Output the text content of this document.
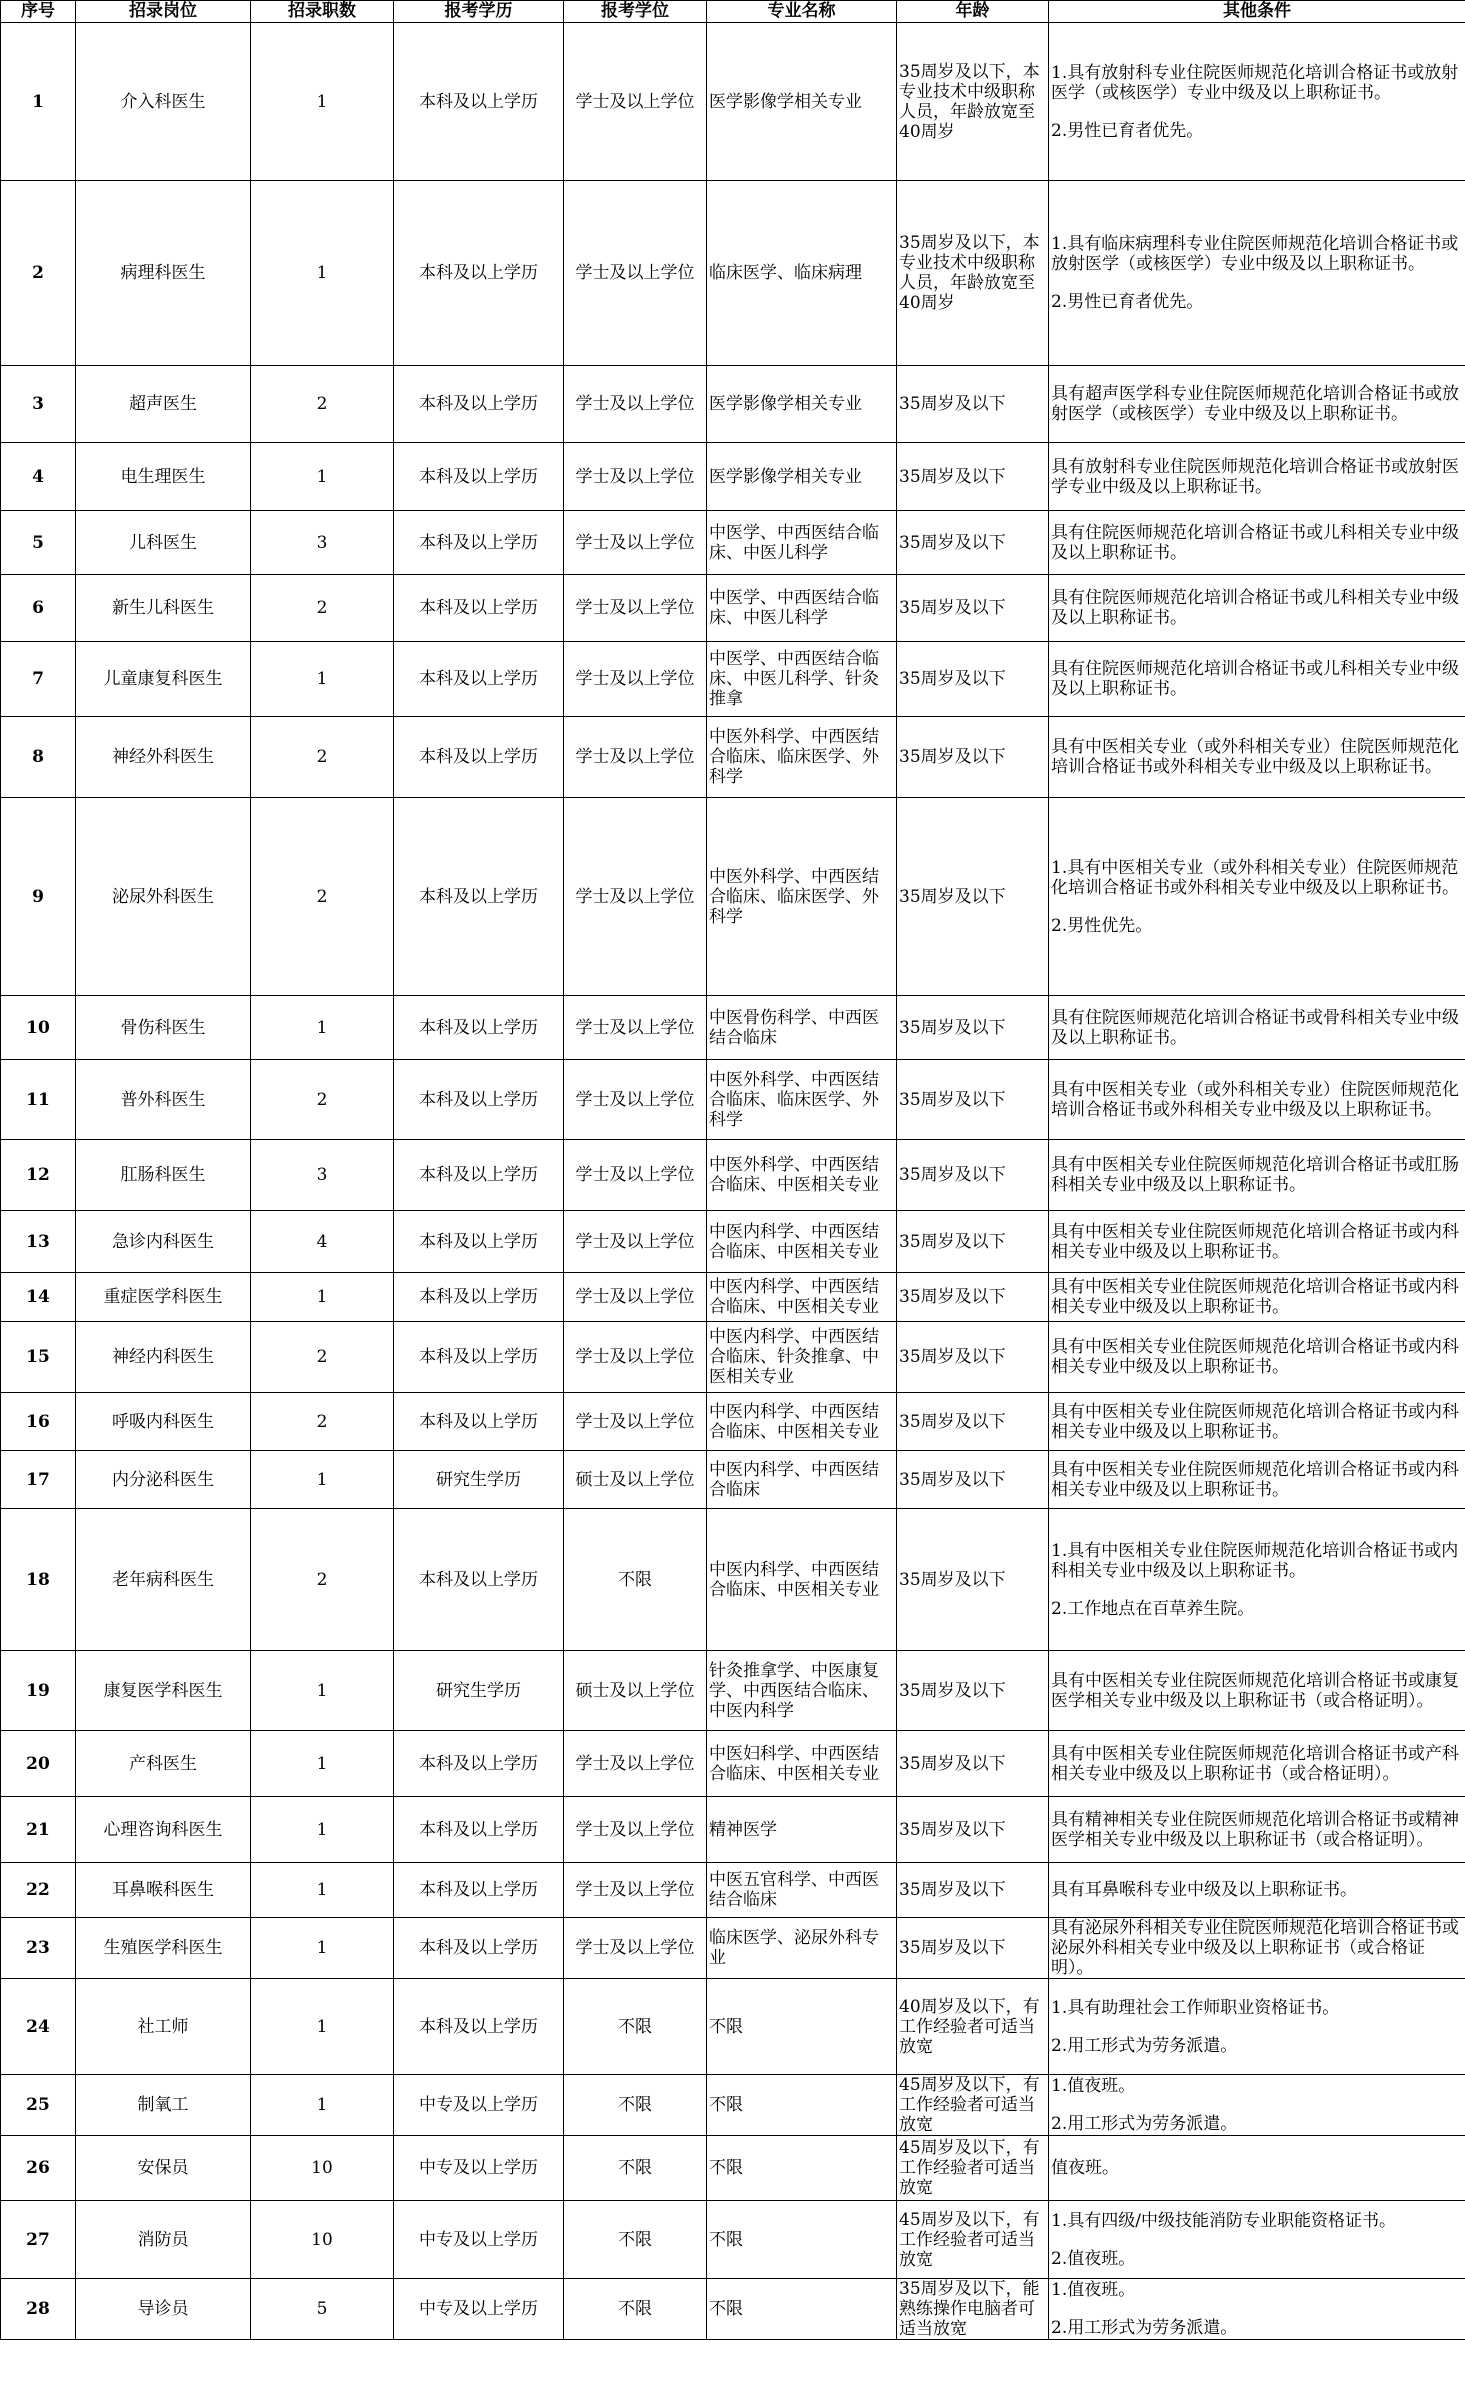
序号	招录岗位	招录职数	报考学历	报考学位	专业名称	年龄	其他条件
1	介入科医生	1	本科及以上学历	学士及以上学位	医学影像学相关专业	35周岁及以下，本专业技术中级职称人员，年龄放宽至40周岁	1.具有放射科专业住院医师规范化培训合格证书或放射医学（或核医学）专业中级及以上职称证书。
2.男性已育者优先。

2	病理科医生	1	本科及以上学历	学士及以上学位	临床医学、临床病理	35周岁及以下，本专业技术中级职称人员，年龄放宽至40周岁	1.具有临床病理科专业住院医师规范化培训合格证书或放射医学（或核医学）专业中级及以上职称证书。
2.男性已育者优先。

3	超声医生	2	本科及以上学历	学士及以上学位	医学影像学相关专业	35周岁及以下	具有超声医学科专业住院医师规范化培训合格证书或放射医学（或核医学）专业中级及以上职称证书。

4	电生理医生	1	本科及以上学历	学士及以上学位	医学影像学相关专业	35周岁及以下	具有放射科专业住院医师规范化培训合格证书或放射医学专业中级及以上职称证书。

5	儿科医生	3	本科及以上学历	学士及以上学位	中医学、中西医结合临床、中医儿科学	35周岁及以下	具有住院医师规范化培训合格证书或儿科相关专业中级及以上职称证书。

6	新生儿科医生	2	本科及以上学历	学士及以上学位	中医学、中西医结合临床、中医儿科学	35周岁及以下	具有住院医师规范化培训合格证书或儿科相关专业中级及以上职称证书。

7	儿童康复科医生	1	本科及以上学历	学士及以上学位	中医学、中西医结合临床、中医儿科学、针灸推拿	35周岁及以下	具有住院医师规范化培训合格证书或儿科相关专业中级及以上职称证书。

8	神经外科医生	2	本科及以上学历	学士及以上学位	中医外科学、中西医结合临床、临床医学、外科学	35周岁及以下	具有中医相关专业（或外科相关专业）住院医师规范化培训合格证书或外科相关专业中级及以上职称证书。

9	泌尿外科医生	2	本科及以上学历	学士及以上学位	中医外科学、中西医结合临床、临床医学、外科学	35周岁及以下	1.具有中医相关专业（或外科相关专业）住院医师规范化培训合格证书或外科相关专业中级及以上职称证书。
2.男性优先。

10	骨伤科医生	1	本科及以上学历	学士及以上学位	中医骨伤科学、中西医结合临床	35周岁及以下	具有住院医师规范化培训合格证书或骨科相关专业中级及以上职称证书。

11	普外科医生	2	本科及以上学历	学士及以上学位	中医外科学、中西医结合临床、临床医学、外科学	35周岁及以下	具有中医相关专业（或外科相关专业）住院医师规范化培训合格证书或外科相关专业中级及以上职称证书。

12	肛肠科医生	3	本科及以上学历	学士及以上学位	中医外科学、中西医结合临床、中医相关专业	35周岁及以下	具有中医相关专业住院医师规范化培训合格证书或肛肠科相关专业中级及以上职称证书。

13	急诊内科医生	4	本科及以上学历	学士及以上学位	中医内科学、中西医结合临床、中医相关专业	35周岁及以下	具有中医相关专业住院医师规范化培训合格证书或内科相关专业中级及以上职称证书。

14	重症医学科医生	1	本科及以上学历	学士及以上学位	中医内科学、中西医结合临床、中医相关专业	35周岁及以下	具有中医相关专业住院医师规范化培训合格证书或内科相关专业中级及以上职称证书。

15	神经内科医生	2	本科及以上学历	学士及以上学位	中医内科学、中西医结合临床、针灸推拿、中医相关专业	35周岁及以下	具有中医相关专业住院医师规范化培训合格证书或内科相关专业中级及以上职称证书。

16	呼吸内科医生	2	本科及以上学历	学士及以上学位	中医内科学、中西医结合临床、中医相关专业	35周岁及以下	具有中医相关专业住院医师规范化培训合格证书或内科相关专业中级及以上职称证书。

17	内分泌科医生	1	研究生学历	硕士及以上学位	中医内科学、中西医结合临床	35周岁及以下	具有中医相关专业住院医师规范化培训合格证书或内科相关专业中级及以上职称证书。

18	老年病科医生	2	本科及以上学历	不限	中医内科学、中西医结合临床、中医相关专业	35周岁及以下	1.具有中医相关专业住院医师规范化培训合格证书或内科相关专业中级及以上职称证书。
2.工作地点在百草养生院。

19	康复医学科医生	1	研究生学历	硕士及以上学位	针灸推拿学、中医康复学、中西医结合临床、中医内科学	35周岁及以下	具有中医相关专业住院医师规范化培训合格证书或康复医学相关专业中级及以上职称证书（或合格证明）。

20	产科医生	1	本科及以上学历	学士及以上学位	中医妇科学、中西医结合临床、中医相关专业	35周岁及以下	具有中医相关专业住院医师规范化培训合格证书或产科相关专业中级及以上职称证书（或合格证明）。

21	心理咨询科医生	1	本科及以上学历	学士及以上学位	精神医学	35周岁及以下	具有精神相关专业住院医师规范化培训合格证书或精神医学相关专业中级及以上职称证书（或合格证明）。

22	耳鼻喉科医生	1	本科及以上学历	学士及以上学位	中医五官科学、中西医结合临床	35周岁及以下	具有耳鼻喉科专业中级及以上职称证书。

23	生殖医学科医生	1	本科及以上学历	学士及以上学位	临床医学、泌尿外科专业	35周岁及以下	具有泌尿外科相关专业住院医师规范化培训合格证书或泌尿外科相关专业中级及以上职称证书（或合格证明）。

24	社工师	1	本科及以上学历	不限	不限	40周岁及以下，有工作经验者可适当放宽	1.具有助理社会工作师职业资格证书。
2.用工形式为劳务派遣。

25	制氧工	1	中专及以上学历	不限	不限	45周岁及以下，有工作经验者可适当放宽	1.值夜班。
2.用工形式为劳务派遣。

26	安保员	10	中专及以上学历	不限	不限	45周岁及以下，有工作经验者可适当放宽	值夜班。

27	消防员	10	中专及以上学历	不限	不限	45周岁及以下，有工作经验者可适当放宽	1.具有四级/中级技能消防专业职能资格证书。
2.值夜班。

28	导诊员	5	中专及以上学历	不限	不限	35周岁及以下，能熟练操作电脑者可适当放宽	1.值夜班。
2.用工形式为劳务派遣。
